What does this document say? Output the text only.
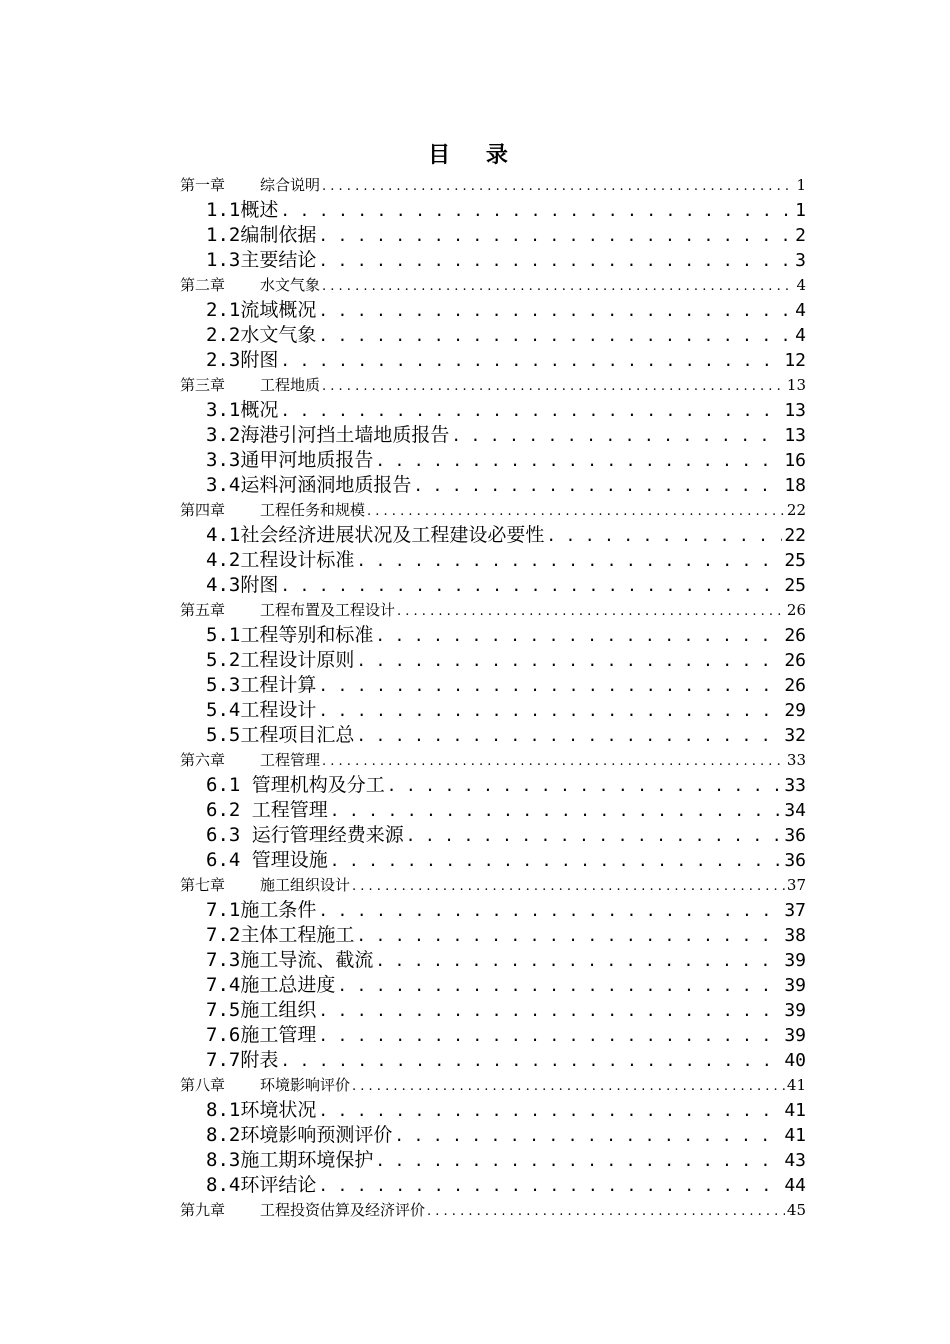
目 录
第一章 综合说明 . . .	1
1.1概述 . . .	1
1.2编制依据 . . .	2
1.3主要结论 . . .	3
第二章 水文气象 . . .	4
2.1流域概况 . . .	4
2.2水文气象 . . .	4
2.3附图 . . .	12
第三章 工程地质 . . .	13
3.1概况 . . .	13
3.2海港引河挡土墙地质报告 . . .	13
3.3通甲河地质报告 . . .	16
3.4运料河涵洞地质报告 . . .	18
第四章 工程任务和规模 . . .	22
4.1社会经济进展状况及工程建设必要性 . . .	22
4.2工程设计标准 . . .	25
4.3附图 . . .	25
第五章 工程布置及工程设计 . . .	26
5.1工程等别和标准 . . .	26
5.2工程设计原则 . . .	26
5.3工程计算 . . .	26
5.4工程设计 . . .	29
5.5工程项目汇总 . . .	32
第六章 工程管理 . . .	33
6.1 管理机构及分工 . . .	33
6.2 工程管理 . . .	34
6.3 运行管理经费来源 . . .	36
6.4 管理设施 . . .	36
第七章 施工组织设计 . . .	37
7.1施工条件 . . .	37
7.2主体工程施工 . . .	38
7.3施工导流、截流 . . .	39
7.4施工总进度 . . .	39
7.5施工组织 . . .	39
7.6施工管理 . . .	39
7.7附表 . . .	40
第八章 环境影响评价 . . .	41
8.1环境状况 . . .	41
8.2环境影响预测评价 . . .	41
8.3施工期环境保护 . . .	43
8.4环评结论 . . .	44
第九章 工程投资估算及经济评价 . . .	45
